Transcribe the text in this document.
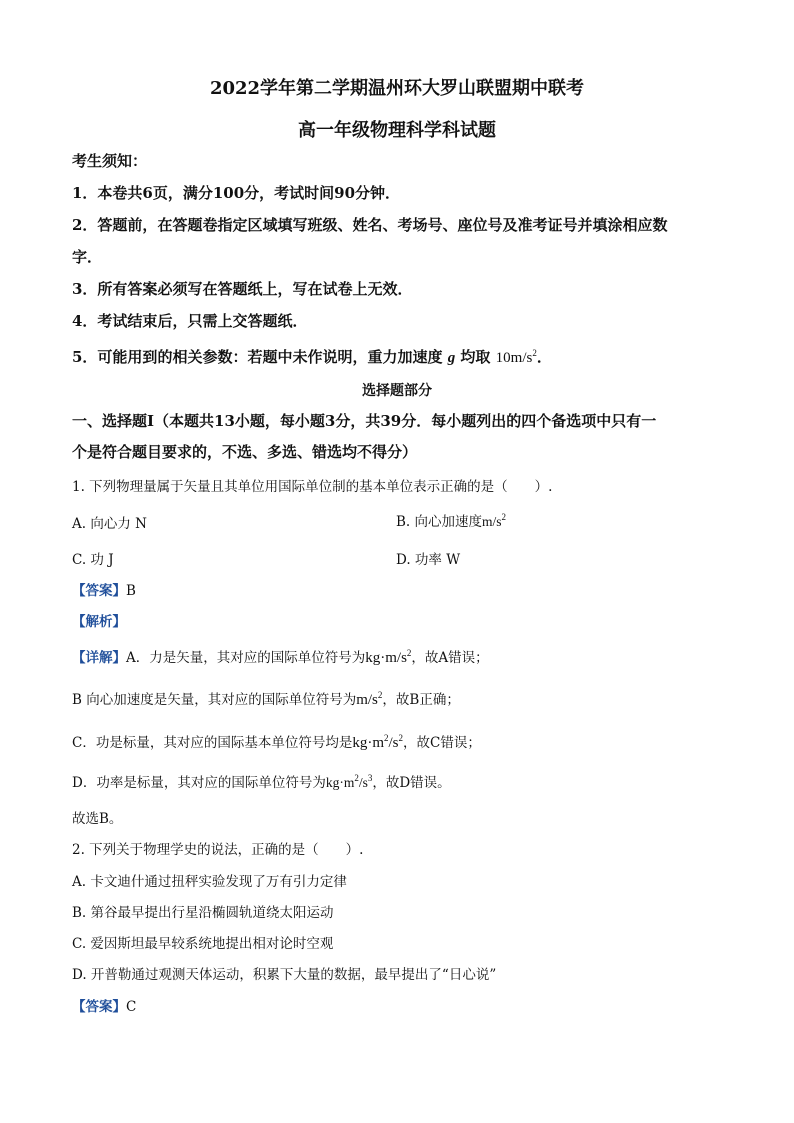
2022学年第二学期温州环大罗山联盟期中联考
高一年级物理科学科试题
考生须知：
1．本卷共6页，满分100分，考试时间90分钟．
2．答题前，在答题卷指定区域填写班级、姓名、考场号、座位号及准考证号并填涂相应数
字．
3．所有答案必须写在答题纸上，写在试卷上无效．
4．考试结束后，只需上交答题纸．
5．可能用到的相关参数：若题中未作说明，重力加速度 g 均取 $10m/s^2$．
选择题部分
一、选择题Ⅰ（本题共13小题，每小题3分，共39分．每小题列出的四个备选项中只有一
个是符合题目要求的，不选、多选、错选均不得分）
1. 下列物理量属于矢量且其单位用国际单位制的基本单位表示正确的是（　　）.
A. 向心力 N	B. 向心加速度$m/s^2$
C. 功 J	D. 功率 W
【答案】B
【解析】
【详解】A．力是矢量，其对应的国际单位符号为$kg\cdot m/s^2$，故A错误；
B 向心加速度是矢量，其对应的国际单位符号为$m/s^2$，故B正确；
C．功是标量，其对应的国际基本单位符号均是$kg\cdot m^2/s^2$，故C错误；
D．功率是标量，其对应的国际单位符号为$kg\cdot m^2/s^3$，故D错误。
故选B。
2. 下列关于物理学史的说法，正确的是（　　）.
A. 卡文迪什通过扭秤实验发现了万有引力定律
B. 第谷最早提出行星沿椭圆轨道绕太阳运动
C. 爱因斯坦最早较系统地提出相对论时空观
D. 开普勒通过观测天体运动，积累下大量的数据，最早提出了“日心说”
【答案】C
